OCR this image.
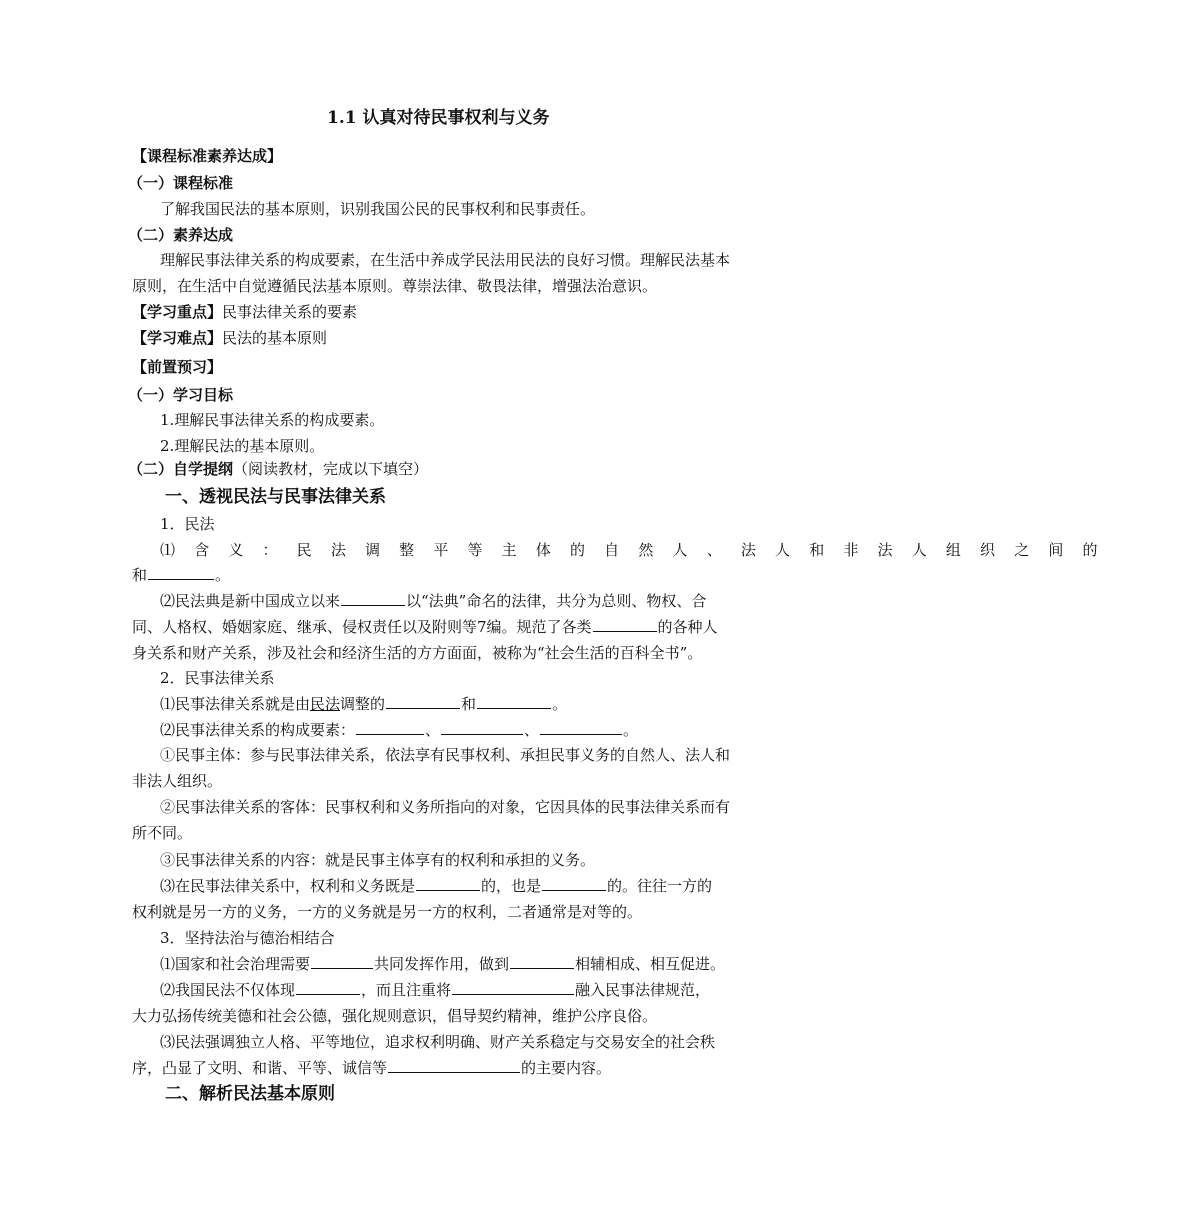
1.1 认真对待民事权利与义务
【课程标准素养达成】
（一）课程标准
了解我国民法的基本原则，识别我国公民的民事权利和民事责任。
（二）素养达成
理解民事法律关系的构成要素，在生活中养成学民法用民法的良好习惯。理解民法基本
原则，在生活中自觉遵循民法基本原则。尊崇法律、敬畏法律，增强法治意识。
【学习重点】民事法律关系的要素
【学习难点】民法的基本原则
【前置预习】
（一）学习目标
1.理解民事法律关系的构成要素。
2.理解民法的基本原则。
（二）自学提纲（阅读教材，完成以下填空）
一、透视民法与民事法律关系
1．民法
⑴ 含 义 ： 民 法 调 整 平 等 主 体 的 自 然 人 、 法 人 和 非 法 人 组 织 之 间 的
和	。
⑵民法典是新中国成立以来	以“法典”命名的法律，共分为总则、物权、合
同、人格权、婚姻家庭、继承、侵权责任以及附则等7编。规范了各类	的各种人
身关系和财产关系，涉及社会和经济生活的方方面面，被称为“社会生活的百科全书”。
2．民事法律关系
⑴民事法律关系就是由民法调整的	和	。
⑵民事法律关系的构成要素：	、	、	。
①民事主体：参与民事法律关系，依法享有民事权利、承担民事义务的自然人、法人和
非法人组织。
②民事法律关系的客体：民事权利和义务所指向的对象，它因具体的民事法律关系而有
所不同。
③民事法律关系的内容：就是民事主体享有的权利和承担的义务。
⑶在民事法律关系中，权利和义务既是	的，也是	的。往往一方的
权利就是另一方的义务，一方的义务就是另一方的权利，二者通常是对等的。
3．坚持法治与德治相结合
⑴国家和社会治理需要	共同发挥作用，做到	相辅相成、相互促进。
⑵我国民法不仅体现	，而且注重将	融入民事法律规范，
大力弘扬传统美德和社会公德，强化规则意识，倡导契约精神，维护公序良俗。
⑶民法强调独立人格、平等地位，追求权利明确、财产关系稳定与交易安全的社会秩
序，凸显了文明、和谐、平等、诚信等	的主要内容。
二、解析民法基本原则
